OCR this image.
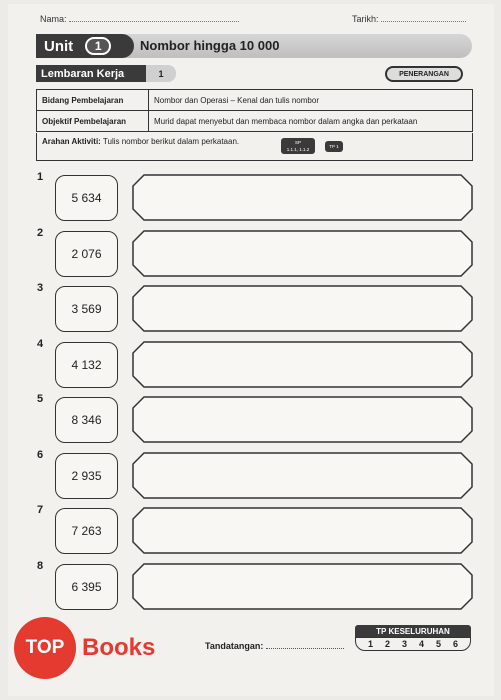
Nama:	Tarikh:
Unit	1	Nombor hingga 10 000
Lembaran Kerja	1	PENERANGAN
Bidang Pembelajaran	Nombor dan Operasi – Kenal dan tulis nombor
Objektif Pembelajaran	Murid dapat menyebut dan membaca nombor dalam angka dan perkataan
Arahan Aktiviti: Tulis nombor berikut dalam perkataan.	SP
1.1.1, 1.1.2
TP 1
1
5 634
2
2 076
3
3 569
4
4 132
5
8 346
6
2 935
7
7 263
8
6 395
TOP Books	Tandatangan:
TP KESELURUHAN
1 2 3 4 5 6
